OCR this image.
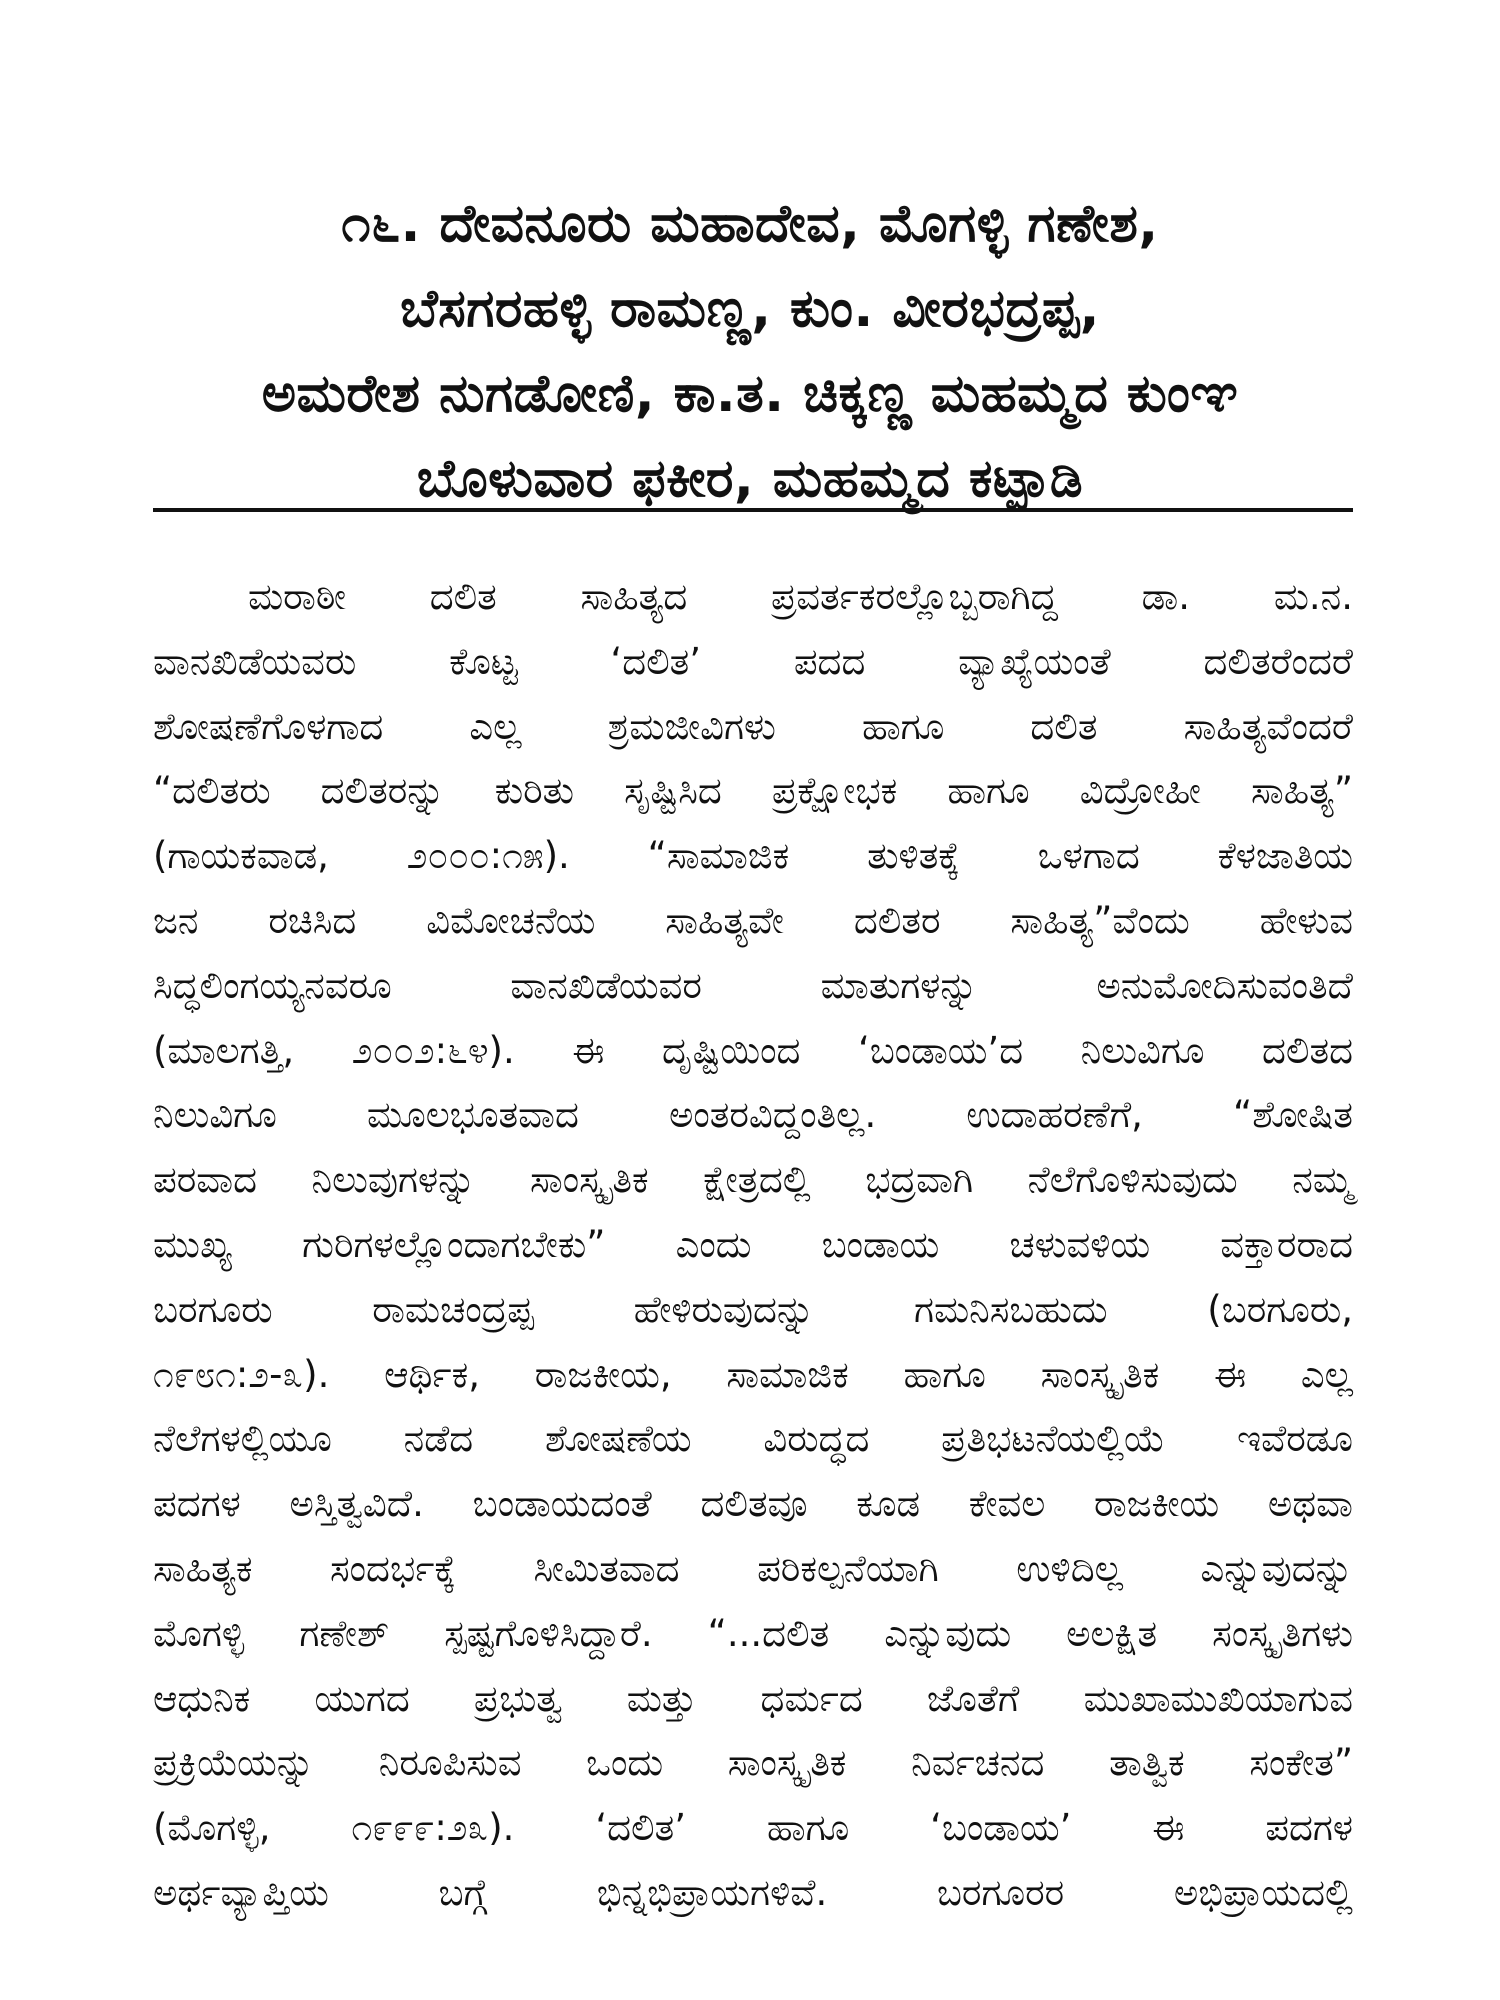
೧೬. ದೇವನೂರು ಮಹಾದೇವ, ಮೊಗಳ್ಳಿ ಗಣೇಶ,
ಬೆಸಗರಹಳ್ಳಿ ರಾಮಣ್ಣ, ಕುಂ. ವೀರಭದ್ರಪ್ಪ,
ಅಮರೇಶ ನುಗಡೋಣಿ, ಕಾ.ತ. ಚಿಕ್ಕಣ್ಣ ಮಹಮ್ಮದ ಕುಂಞ
ಬೊಳುವಾರ ಫಕೀರ, ಮಹಮ್ಮದ ಕಟ್ಪಾಡಿ
ಮರಾಠೀ ದಲಿತ ಸಾಹಿತ್ಯದ ಪ್ರವರ್ತಕರಲ್ಲೊಬ್ಬರಾಗಿದ್ದ ಡಾ. ಮ.ನ.
ವಾನಖಿಡೆಯವರು ಕೊಟ್ಟ ‘ದಲಿತ’ ಪದದ ವ್ಯಾಖ್ಯೆಯಂತೆ ದಲಿತರೆಂದರೆ
ಶೋಷಣೆಗೊಳಗಾದ ಎಲ್ಲ ಶ್ರಮಜೀವಿಗಳು ಹಾಗೂ ದಲಿತ ಸಾಹಿತ್ಯವೆಂದರೆ
“ದಲಿತರು ದಲಿತರನ್ನು ಕುರಿತು ಸೃಷ್ಟಿಸಿದ ಪ್ರಕ್ಷೋಭಕ ಹಾಗೂ ವಿದ್ರೋಹೀ ಸಾಹಿತ್ಯ”
(ಗಾಯಕವಾಡ, ೨೦೦೦:೧೫). “ಸಾಮಾಜಿಕ ತುಳಿತಕ್ಕೆ ಒಳಗಾದ ಕೆಳಜಾತಿಯ
ಜನ ರಚಿಸಿದ ವಿಮೋಚನೆಯ ಸಾಹಿತ್ಯವೇ ದಲಿತರ ಸಾಹಿತ್ಯ”ವೆಂದು ಹೇಳುವ
ಸಿದ್ಧಲಿಂಗಯ್ಯನವರೂ ವಾನಖಿಡೆಯವರ ಮಾತುಗಳನ್ನು ಅನುಮೋದಿಸುವಂತಿದೆ
(ಮಾಲಗತ್ತಿ, ೨೦೦೨:೬೪). ಈ ದೃಷ್ಟಿಯಿಂದ ‘ಬಂಡಾಯ’ದ ನಿಲುವಿಗೂ ದಲಿತದ
ನಿಲುವಿಗೂ ಮೂಲಭೂತವಾದ ಅಂತರವಿದ್ದಂತಿಲ್ಲ. ಉದಾಹರಣೆಗೆ, “ಶೋಷಿತ
ಪರವಾದ ನಿಲುವುಗಳನ್ನು ಸಾಂಸ್ಕೃತಿಕ ಕ್ಷೇತ್ರದಲ್ಲಿ ಭದ್ರವಾಗಿ ನೆಲೆಗೊಳಿಸುವುದು ನಮ್ಮ
ಮುಖ್ಯ ಗುರಿಗಳಲ್ಲೊಂದಾಗಬೇಕು” ಎಂದು ಬಂಡಾಯ ಚಳುವಳಿಯ ವಕ್ತಾರರಾದ
ಬರಗೂರು ರಾಮಚಂದ್ರಪ್ಪ ಹೇಳಿರುವುದನ್ನು ಗಮನಿಸಬಹುದು (ಬರಗೂರು,
೧೯೮೧:೨-೩). ಆರ್ಥಿಕ, ರಾಜಕೀಯ, ಸಾಮಾಜಿಕ ಹಾಗೂ ಸಾಂಸ್ಕೃತಿಕ ಈ ಎಲ್ಲ
ನೆಲೆಗಳಲ್ಲಿಯೂ ನಡೆದ ಶೋಷಣೆಯ ವಿರುದ್ಧದ ಪ್ರತಿಭಟನೆಯಲ್ಲಿಯೆ ಇವೆರಡೂ
ಪದಗಳ ಅಸ್ತಿತ್ವವಿದೆ. ಬಂಡಾಯದಂತೆ ದಲಿತವೂ ಕೂಡ ಕೇವಲ ರಾಜಕೀಯ ಅಥವಾ
ಸಾಹಿತ್ಯಕ ಸಂದರ್ಭಕ್ಕೆ ಸೀಮಿತವಾದ ಪರಿಕಲ್ಪನೆಯಾಗಿ ಉಳಿದಿಲ್ಲ ಎನ್ನುವುದನ್ನು
ಮೊಗಳ್ಳಿ ಗಣೇಶ್ ಸ್ಪಷ್ಟಗೊಳಿಸಿದ್ದಾರೆ. “...ದಲಿತ ಎನ್ನುವುದು ಅಲಕ್ಷಿತ ಸಂಸ್ಕೃತಿಗಳು
ಆಧುನಿಕ ಯುಗದ ಪ್ರಭುತ್ವ ಮತ್ತು ಧರ್ಮದ ಜೊತೆಗೆ ಮುಖಾಮುಖಿಯಾಗುವ
ಪ್ರಕ್ರಿಯೆಯನ್ನು ನಿರೂಪಿಸುವ ಒಂದು ಸಾಂಸ್ಕೃತಿಕ ನಿರ್ವಚನದ ತಾತ್ವಿಕ ಸಂಕೇತ”
(ಮೊಗಳ್ಳಿ, ೧೯೯೯:೨೩). ‘ದಲಿತ’ ಹಾಗೂ ‘ಬಂಡಾಯ’ ಈ ಪದಗಳ
ಅರ್ಥವ್ಯಾಪ್ತಿಯ ಬಗ್ಗೆ ಭಿನ್ನಭಿಪ್ರಾಯಗಳಿವೆ. ಬರಗೂರರ ಅಭಿಪ್ರಾಯದಲ್ಲಿ
